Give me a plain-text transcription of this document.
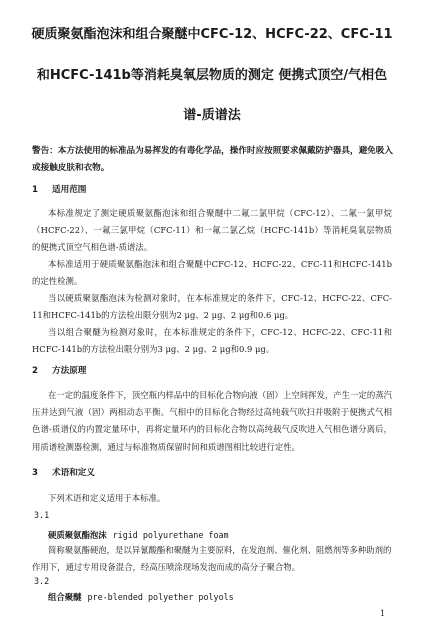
硬质聚氨酯泡沫和组合聚醚中CFC-12、HCFC-22、CFC-11
和HCFC-141b等消耗臭氧层物质的测定 便携式顶空/气相色
谱-质谱法
警告：本方法使用的标准品为易挥发的有毒化学品，操作时应按照要求佩戴防护器具，避免吸入或接触皮肤和衣物。
1 适用范围
本标准规定了测定硬质聚氨酯泡沫和组合聚醚中二氟二氯甲烷（CFC-12）、二氟一氯甲烷（HCFC-22）、一氟三氯甲烷（CFC-11）和一氟二氯乙烷（HCFC-141b）等消耗臭氧层物质的便携式顶空气相色谱-质谱法。
本标准适用于硬质聚氨酯泡沫和组合聚醚中CFC-12、HCFC-22、CFC-11和HCFC-141b的定性检测。
当以硬质聚氨酯泡沫为检测对象时，在本标准规定的条件下，CFC-12、HCFC-22、CFC-11和HCFC-141b的方法检出限分别为2 μg、2 μg、2 μg和0.6 μg。
当以组合聚醚为检测对象时，在本标准规定的条件下，CFC-12、HCFC-22、CFC-11和HCFC-141b的方法检出限分别为3 μg、2 μg、2 μg和0.9 μg。
2 方法原理
在一定的温度条件下，顶空瓶内样品中的目标化合物向液（固）上空间挥发，产生一定的蒸汽压并达到气液（固）两相动态平衡。气相中的目标化合物经过高纯载气吹扫并吸附于便携式气相色谱-质谱仪的内置定量环中，再将定量环内的目标化合物以高纯载气反吹进入气相色谱分离后，用质谱检测器检测，通过与标准物质保留时间和质谱图相比较进行定性。
3 术语和定义
下列术语和定义适用于本标准。
3.1
硬质聚氨酯泡沫 rigid polyurethane foam
简称聚氨酯硬泡，是以异氰酸酯和聚醚为主要原料，在发泡剂、催化剂、阻燃剂等多种助剂的作用下，通过专用设备混合，经高压喷涂现场发泡而成的高分子聚合物。
3.2
组合聚醚 pre-blended polyether polyols
1
